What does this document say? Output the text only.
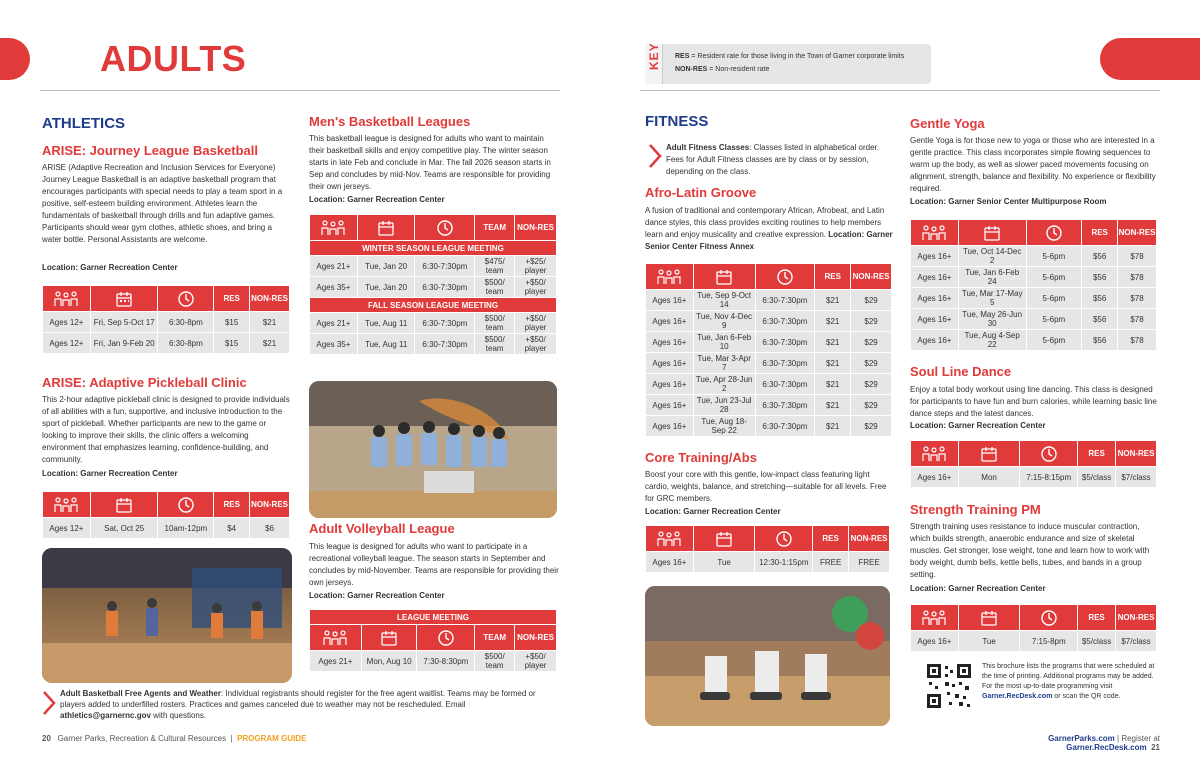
ADULTS	KEY RES = Resident rate for those living in the Town of Garner corporate limits
NON-RES = Non-resident rate
ATHLETICS
ARISE: Journey League Basketball
ARISE (Adaptive Recreation and Inclusion Services for Everyone) Journey League Basketball is an adaptive basketball program that encourages participants with special needs to play a team sport in a positive, self-esteem building environment. Athletes learn the fundamentals of basketball through drills and fun adaptive games. Participants should wear gym clothes, athletic shoes, and bring a water bottle. Personal Assistants are welcome.
Location: Garner Recreation Center

	RES	NON-RES
Ages 12+	Fri, Sep 5-Oct 17	6:30-8pm	$15	$21
Ages 12+	Fri, Jan 9-Feb 20	6:30-8pm	$15	$21
ARISE: Adaptive Pickleball Clinic
This 2-hour adaptive pickleball clinic is designed to provide individuals of all abilities with a fun, supportive, and inclusive introduction to the sport of pickleball. Whether participants are new to the game or looking to improve their skills, the clinic offers a welcoming environment that emphasizes learning, confidence-building, and community.
Location: Garner Recreation Center

	RES	NON-RES
Ages 12+	Sat, Oct 25	10am-12pm	$4	$6
Men's Basketball Leagues
This basketball league is designed for adults who want to maintain their basketball skills and enjoy competitive play. The winter season starts in late Feb and conclude in Mar. The fall 2026 season starts in Sep and concludes by mid-Nov. Teams are responsible for providing their own jerseys.
Location: Garner Recreation Center

	TEAM	NON-RES
WINTER SEASON LEAGUE MEETING				
Ages 21+	Tue, Jan 20	6:30-7:30pm	$475/ team	+$25/ player
Ages 35+	Tue, Jan 20	6:30-7:30pm	$500/ team	+$50/ player
FALL SEASON LEAGUE MEETING				
Ages 21+	Tue, Aug 11	6:30-7:30pm	$500/ team	+$50/ player
Ages 35+	Tue, Aug 11	6:30-7:30pm	$500/ team	+$50/ player
Adult Volleyball League
This league is designed for adults who want to participate in a recreational volleyball league. The season starts in September and concludes by mid-November. Teams are responsible for providing their own jerseys.
Location: Garner Recreation Center
LEAGUE MEETING				

	TEAM	NON-RES
Ages 21+	Mon, Aug 10	7:30-8:30pm	$500/ team	+$50/ player
Adult Basketball Free Agents and Weather: Individual registrants should register for the free agent waitlist. Teams may be formed or players added to underfilled rosters. Practices and games canceled due to weather may not be rescheduled. Email athletics@garnernc.gov with questions.
20 Garner Parks, Recreation & Cultural Resources  |  PROGRAM GUIDE
FITNESS
Adult Fitness Classes: Classes listed in alphabetical order. Fees for Adult Fitness classes are by class or by session, depending on the class.
Afro-Latin Groove
A fusion of traditional and contemporary African, Afrobeat, and Latin dance styles, this class provides exciting routines to help members learn and enjoy musicality and creative expression. Location: Garner Senior Center Fitness Annex

	RES	NON-RES
Ages 16+	Tue, Sep 9-Oct 14	6:30-7:30pm	$21	$29
Ages 16+	Tue, Nov 4-Dec 9	6:30-7:30pm	$21	$29
Ages 16+	Tue, Jan 6-Feb 10	6:30-7:30pm	$21	$29
Ages 16+	Tue, Mar 3-Apr 7	6:30-7:30pm	$21	$29
Ages 16+	Tue, Apr 28-Jun 2	6:30-7:30pm	$21	$29
Ages 16+	Tue, Jun 23-Jul 28	6:30-7:30pm	$21	$29
Ages 16+	Tue, Aug 18-Sep 22	6:30-7:30pm	$21	$29
Core Training/Abs
Boost your core with this gentle, low-impact class featuring light cardio, weights, balance, and stretching—suitable for all levels. Free for GRC members.
Location: Garner Recreation Center

	RES	NON-RES
Ages 16+	Tue	12:30-1:15pm	FREE	FREE
Gentle Yoga
Gentle Yoga is for those new to yoga or those who are interested in a gentle practice. This class incorporates simple flowing sequences to warm up the body, as well as slower paced movements focusing on alignment, strength, balance and flexibility. No experience or flexibility required.
Location: Garner Senior Center Multipurpose Room

	RES	NON-RES
Ages 16+	Tue, Oct 14-Dec 2	5-6pm	$56	$78
Ages 16+	Tue, Jan 6-Feb 24	5-6pm	$56	$78
Ages 16+	Tue, Mar 17-May 5	5-6pm	$56	$78
Ages 16+	Tue, May 26-Jun 30	5-6pm	$56	$78
Ages 16+	Tue, Aug 4-Sep 22	5-6pm	$56	$78
Soul Line Dance
Enjoy a total body workout using line dancing. This class is designed for participants to have fun and burn calories, while learning basic line dance steps and the latest dances.
Location: Garner Recreation Center

	RES	NON-RES
Ages 16+	Mon	7:15-8:15pm	$5/class	$7/class
Strength Training PM
Strength training uses resistance to induce muscular contraction, which builds strength, anaerobic endurance and size of skeletal muscles. Get stronger, lose weight, tone and learn how to work with body weight, dumb bells, kettle bells, tubes, and bands in a group setting.
Location: Garner Recreation Center

	RES	NON-RES
Ages 16+	Tue	7:15-8pm	$5/class	$7/class
This brochure lists the programs that were scheduled at the time of printing. Additional programs may be added. For the most up-to-date programming visit Garner.RecDesk.com or scan the QR code.
GarnerParks.com | Register at Garner.RecDesk.com 21
